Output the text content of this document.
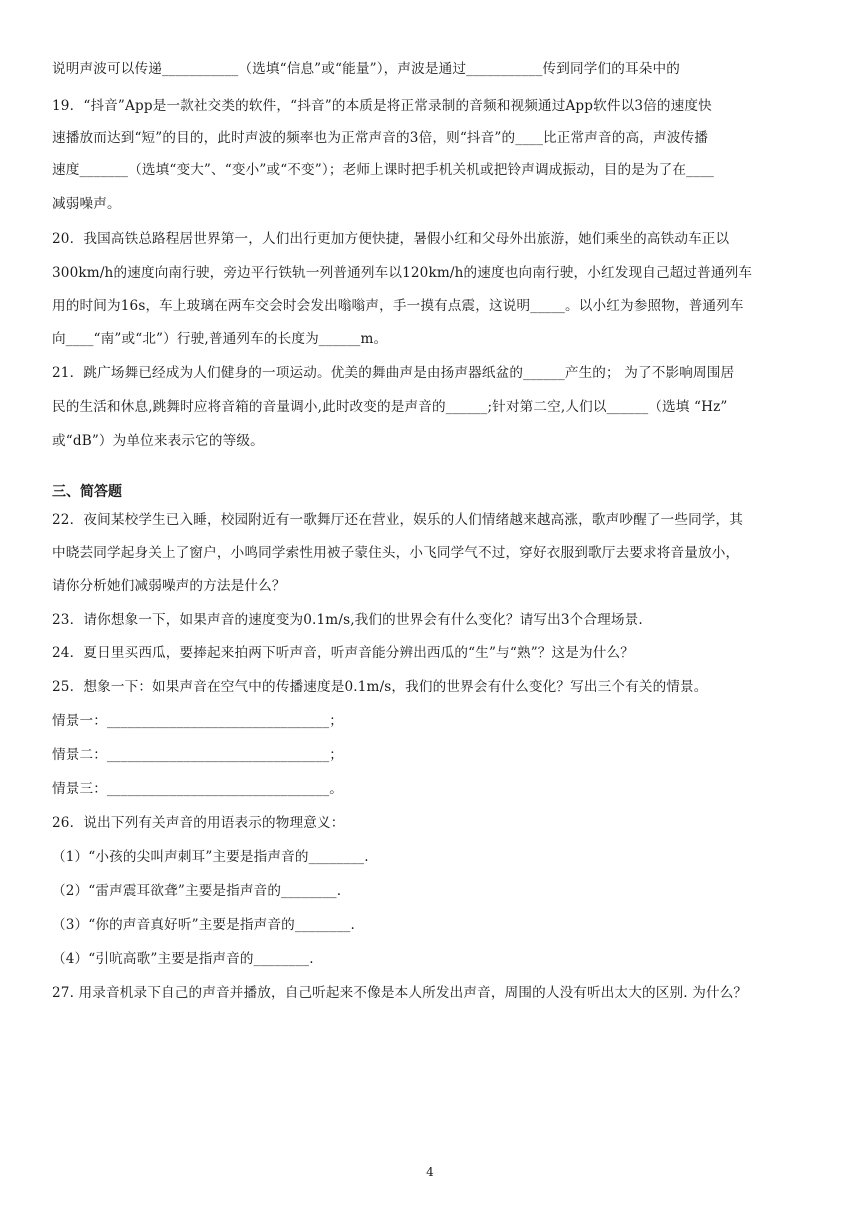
说明声波可以传递___________（选填“信息”或“能量”），声波是通过___________传到同学们的耳朵中的
19．“抖音”App是一款社交类的软件，“抖音”的本质是将正常录制的音频和视频通过App软件以3倍的速度快
速播放而达到“短”的目的，此时声波的频率也为正常声音的3倍，则“抖音”的____比正常声音的高，声波传播
速度_______（选填“变大”、“变小”或“不变”）；老师上课时把手机关机或把铃声调成振动，目的是为了在____
减弱噪声。
20．我国高铁总路程居世界第一，人们出行更加方便快捷，暑假小红和父母外出旅游，她们乘坐的高铁动车正以
300km/h的速度向南行驶，旁边平行铁轨一列普通列车以120km/h的速度也向南行驶，小红发现自己超过普通列车
用的时间为16s，车上玻璃在两车交会时会发出嗡嗡声，手一摸有点震，这说明_____。以小红为参照物，普通列车
向____“南”或“北”）行驶,普通列车的长度为______m。
21．跳广场舞已经成为人们健身的一项运动。优美的舞曲声是由扬声器纸盆的______产生的； 为了不影响周围居
民的生活和休息,跳舞时应将音箱的音量调小,此时改变的是声音的______;针对第二空,人们以______（选填 “Hz”
或“dB”）为单位来表示它的等级。
三、简答题
22．夜间某校学生已入睡，校园附近有一歌舞厅还在营业，娱乐的人们情绪越来越高涨，歌声吵醒了一些同学，其
中晓芸同学起身关上了窗户，小鸣同学索性用被子蒙住头，小飞同学气不过，穿好衣服到歌厅去要求将音量放小，
请你分析她们减弱噪声的方法是什么？
23．请你想象一下，如果声音的速度变为0.1m/s,我们的世界会有什么变化？请写出3个合理场景.
24．夏日里买西瓜，要捧起来拍两下听声音，听声音能分辨出西瓜的“生”与“熟”？这是为什么？
25．想象一下：如果声音在空气中的传播速度是0.1m/s，我们的世界会有什么变化？写出三个有关的情景。
情景一：________________________________；
情景二：________________________________；
情景三：________________________________。
26．说出下列有关声音的用语表示的物理意义：
（1）“小孩的尖叫声刺耳”主要是指声音的________.
（2）“雷声震耳欲聋”主要是指声音的________.
（3）“你的声音真好听”主要是指声音的________.
（4）“引吭高歌”主要是指声音的________.
27. 用录音机录下自己的声音并播放，自己听起来不像是本人所发出声音，周围的人没有听出太大的区别. 为什么？
4
